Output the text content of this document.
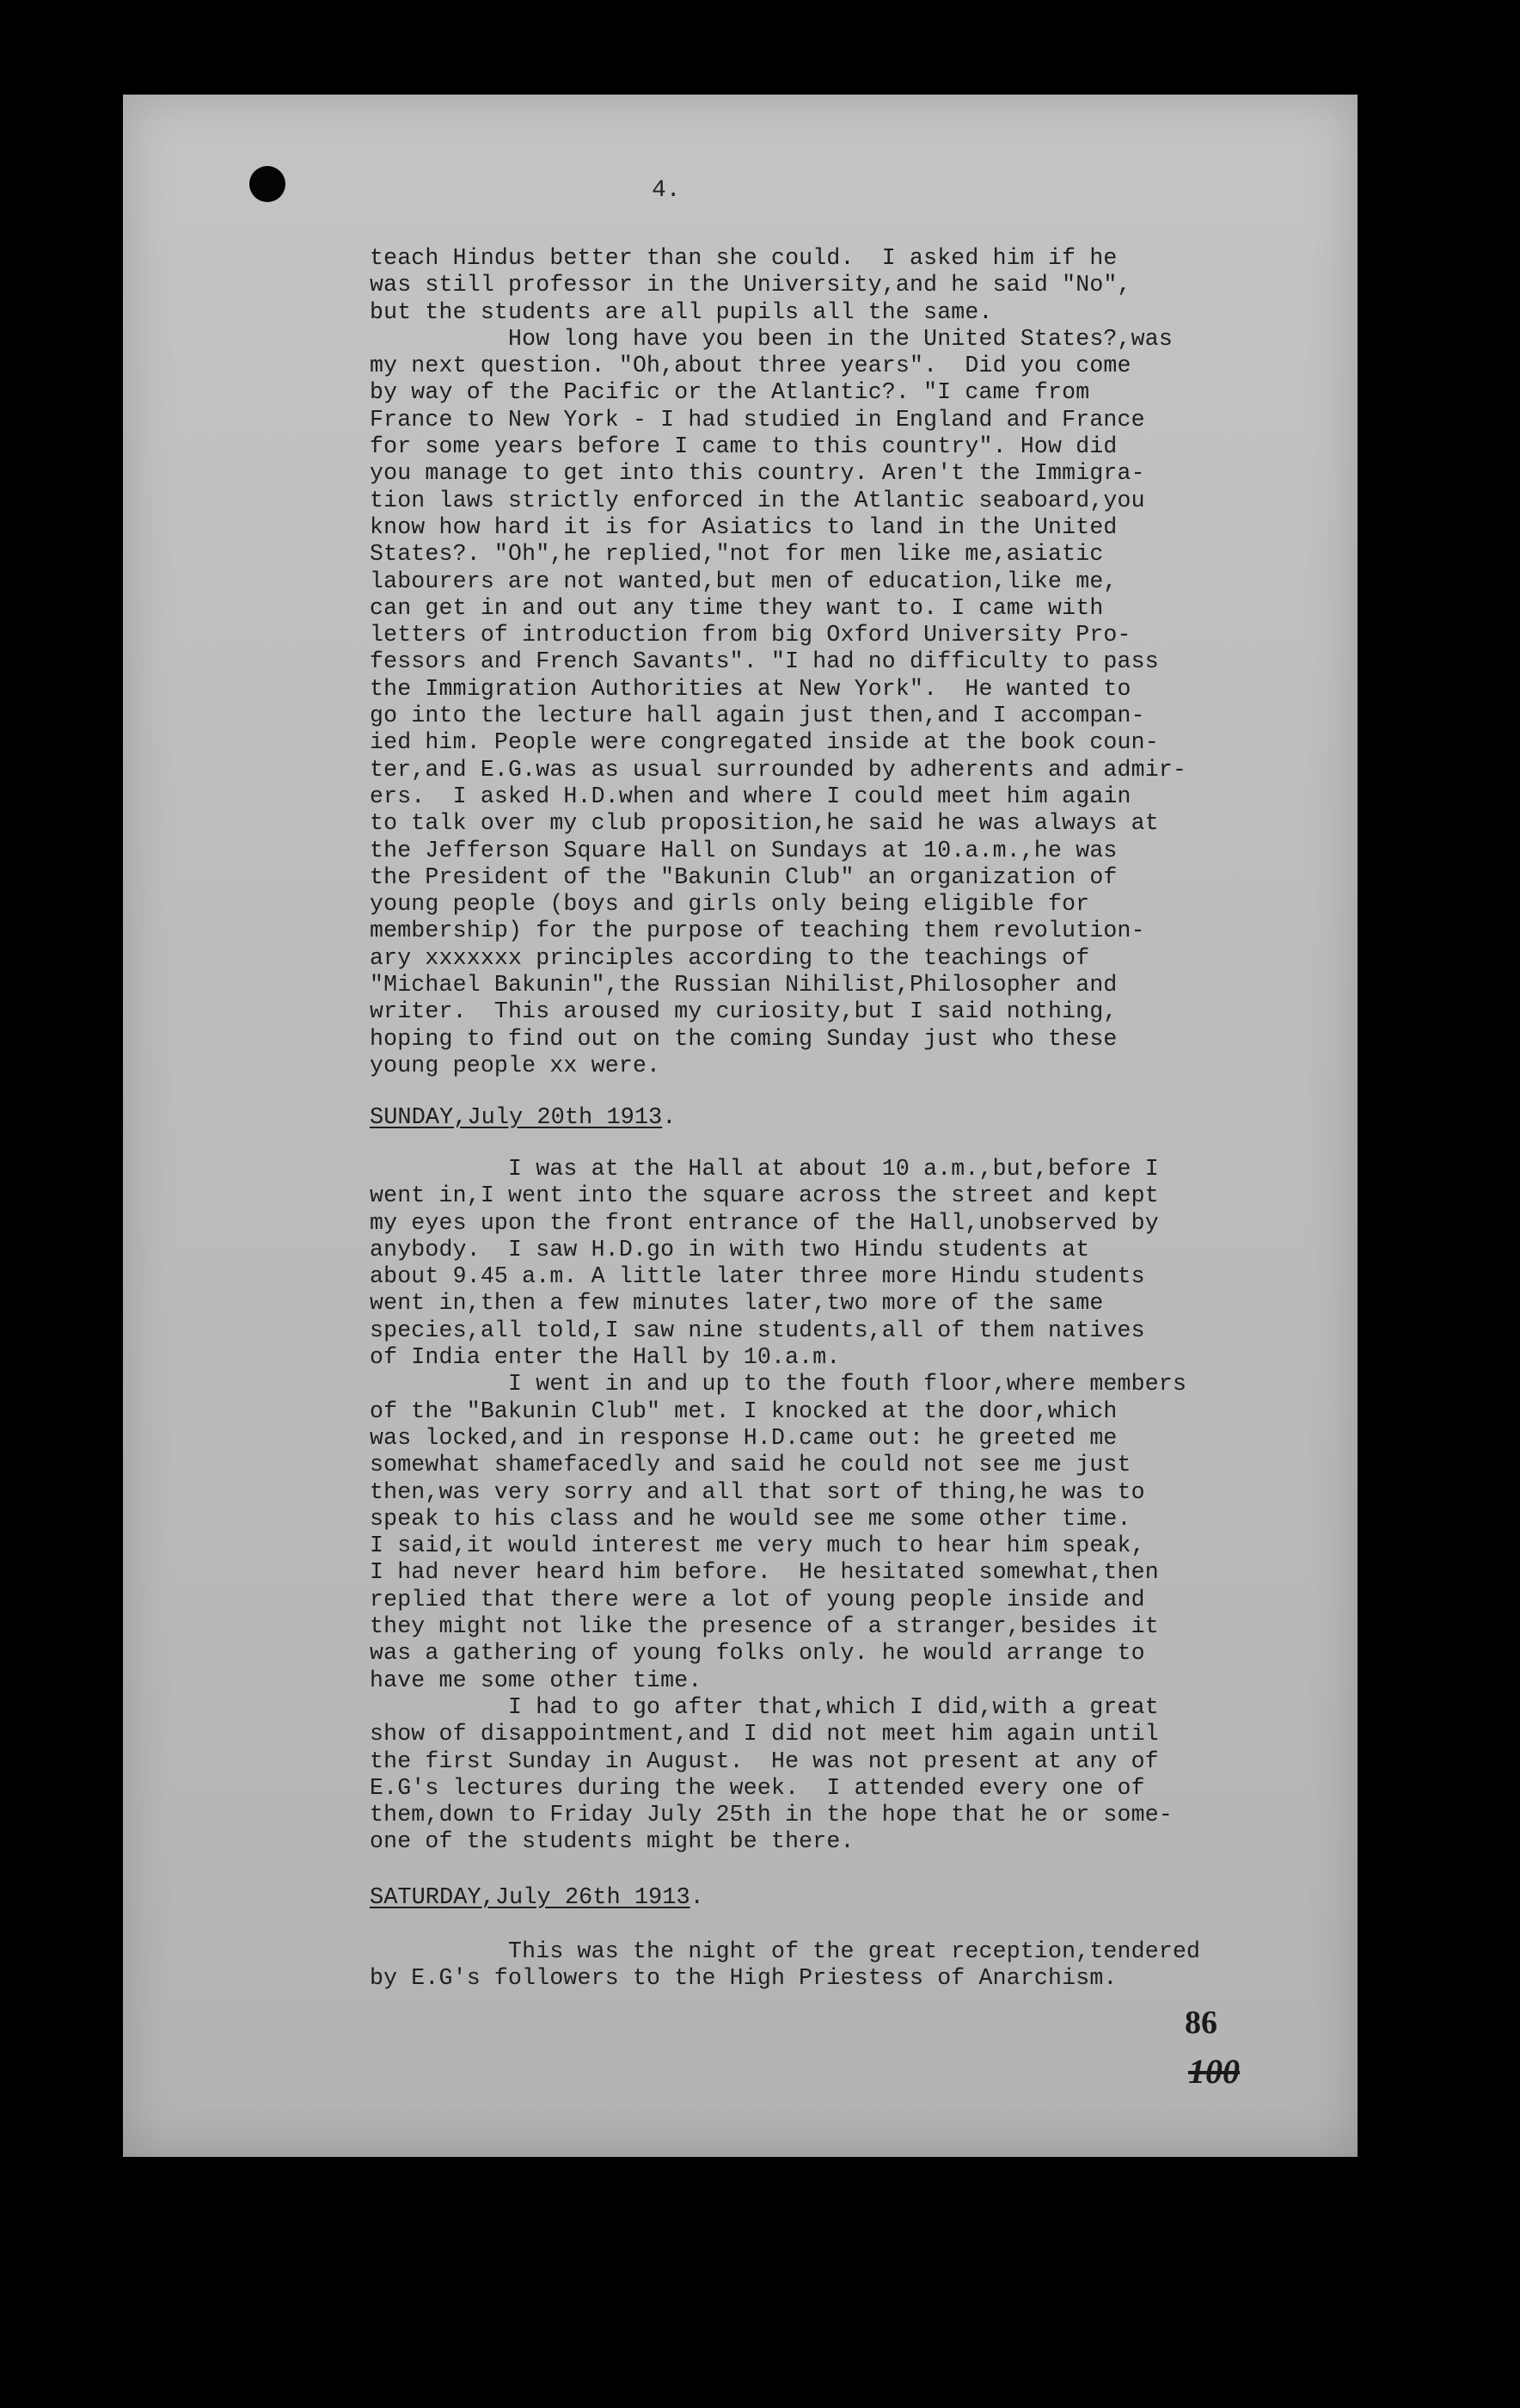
4.

teach Hindus better than she could.  I asked him if he
was still professor in the University,and he said "No",
but the students are all pupils all the same.
How long have you been in the United States?,was
my next question. "Oh,about three years".  Did you come
by way of the Pacific or the Atlantic?. "I came from
France to New York - I had studied in England and France
for some years before I came to this country". How did
you manage to get into this country. Aren't the Immigra-
tion laws strictly enforced in the Atlantic seaboard,you
know how hard it is for Asiatics to land in the United
States?. "Oh",he replied,"not for men like me,asiatic
labourers are not wanted,but men of education,like me,
can get in and out any time they want to. I came with
letters of introduction from big Oxford University Pro-
fessors and French Savants". "I had no difficulty to pass
the Immigration Authorities at New York".  He wanted to
go into the lecture hall again just then,and I accompan-
ied him. People were congregated inside at the book coun-
ter,and E.G.was as usual surrounded by adherents and admir-
ers.  I asked H.D.when and where I could meet him again
to talk over my club proposition,he said he was always at
the Jefferson Square Hall on Sundays at 10.a.m.,he was
the President of the "Bakunin Club" an organization of
young people (boys and girls only being eligible for
membership) for the purpose of teaching them revolution-
ary xxxxxxx principles according to the teachings of
"Michael Bakunin",the Russian Nihilist,Philosopher and
writer.  This aroused my curiosity,but I said nothing,
hoping to find out on the coming Sunday just who these
young people xx were.

SUNDAY,July 20th 1913.

I was at the Hall at about 10 a.m.,but,before I
went in,I went into the square across the street and kept
my eyes upon the front entrance of the Hall,unobserved by
anybody.  I saw H.D.go in with two Hindu students at
about 9.45 a.m. A little later three more Hindu students
went in,then a few minutes later,two more of the same
species,all told,I saw nine students,all of them natives
of India enter the Hall by 10.a.m.
I went in and up to the fouth floor,where members
of the "Bakunin Club" met. I knocked at the door,which
was locked,and in response H.D.came out: he greeted me
somewhat shamefacedly and said he could not see me just
then,was very sorry and all that sort of thing,he was to
speak to his class and he would see me some other time.
I said,it would interest me very much to hear him speak,
I had never heard him before.  He hesitated somewhat,then
replied that there were a lot of young people inside and
they might not like the presence of a stranger,besides it
was a gathering of young folks only. he would arrange to
have me some other time.
I had to go after that,which I did,with a great
show of disappointment,and I did not meet him again until
the first Sunday in August.  He was not present at any of
E.G's lectures during the week.  I attended every one of
them,down to Friday July 25th in the hope that he or some-
one of the students might be there.

SATURDAY,July 26th 1913.

This was the night of the great reception,tendered
by E.G's followers to the High Priestess of Anarchism.

86

100
